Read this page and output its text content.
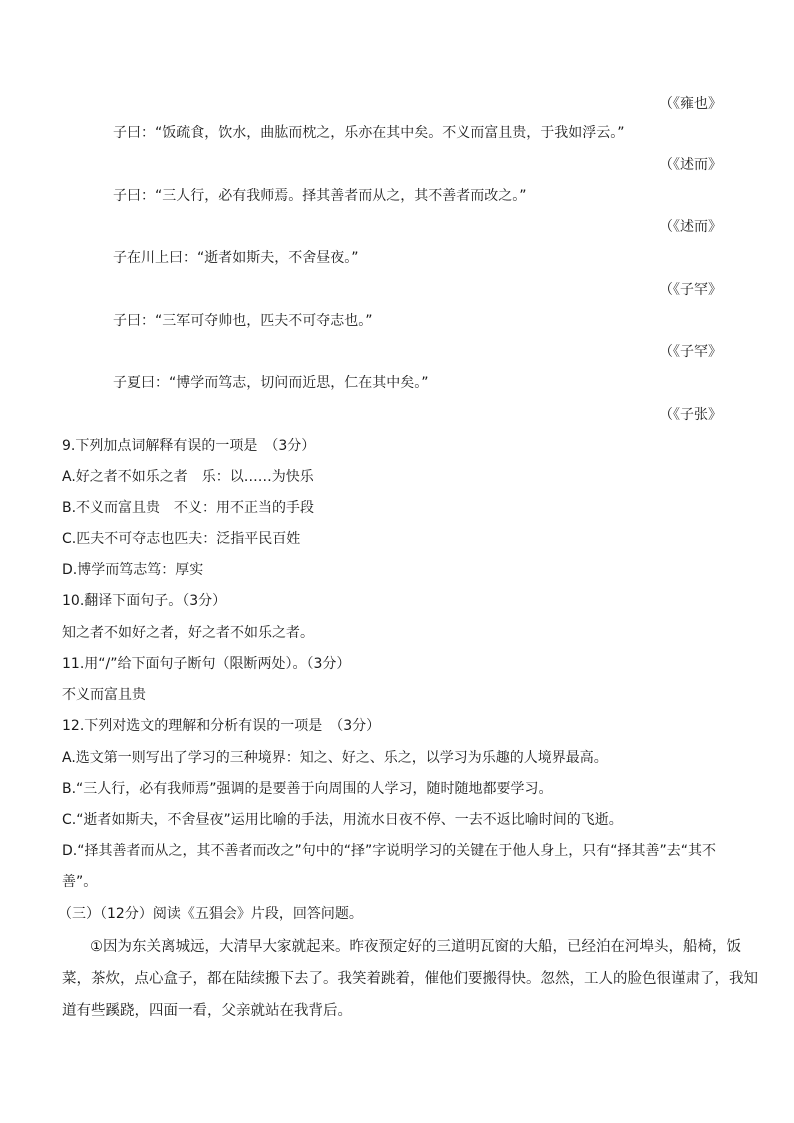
（《雍也》
子曰：“饭疏食，饮水，曲肱而枕之，乐亦在其中矣。不义而富且贵，于我如浮云。”
（《述而》
子曰：“三人行，必有我师焉。择其善者而从之，其不善者而改之。”
（《述而》
子在川上曰：“逝者如斯夫，不舍昼夜。”
（《子罕》
子曰：“三军可夺帅也，匹夫不可夺志也。”
（《子罕》
子夏曰：“博学而笃志，切问而近思，仁在其中矣。”
（《子张》
9.下列加点词解释有误的一项是　（3分）
A.好之者不如乐之者　乐：以……为快乐
B.不义而富且贵　不义：用不正当的手段
C.匹夫不可夺志也匹夫：泛指平民百姓
D.博学而笃志笃：厚实
10.翻译下面句子。（3分）
知之者不如好之者，好之者不如乐之者。
11.用“/”给下面句子断句（限断两处）。（3分）
不义而富且贵
12.下列对选文的理解和分析有误的一项是　（3分）
A.选文第一则写出了学习的三种境界：知之、好之、乐之，以学习为乐趣的人境界最高。
B.“三人行，必有我师焉”强调的是要善于向周围的人学习，随时随地都要学习。
C.“逝者如斯夫，不舍昼夜”运用比喻的手法，用流水日夜不停、一去不返比喻时间的飞逝。
D.“择其善者而从之，其不善者而改之”句中的“择”字说明学习的关键在于他人身上，只有“择其善”去“其不
善”。
（三）（12分）阅读《五猖会》片段，回答问题。
①因为东关离城远，大清早大家就起来。昨夜预定好的三道明瓦窗的大船，已经泊在河埠头，船椅，饭
菜，茶炊，点心盒子，都在陆续搬下去了。我笑着跳着，催他们要搬得快。忽然，工人的脸色很谨肃了，我知
道有些蹊跷，四面一看，父亲就站在我背后。
